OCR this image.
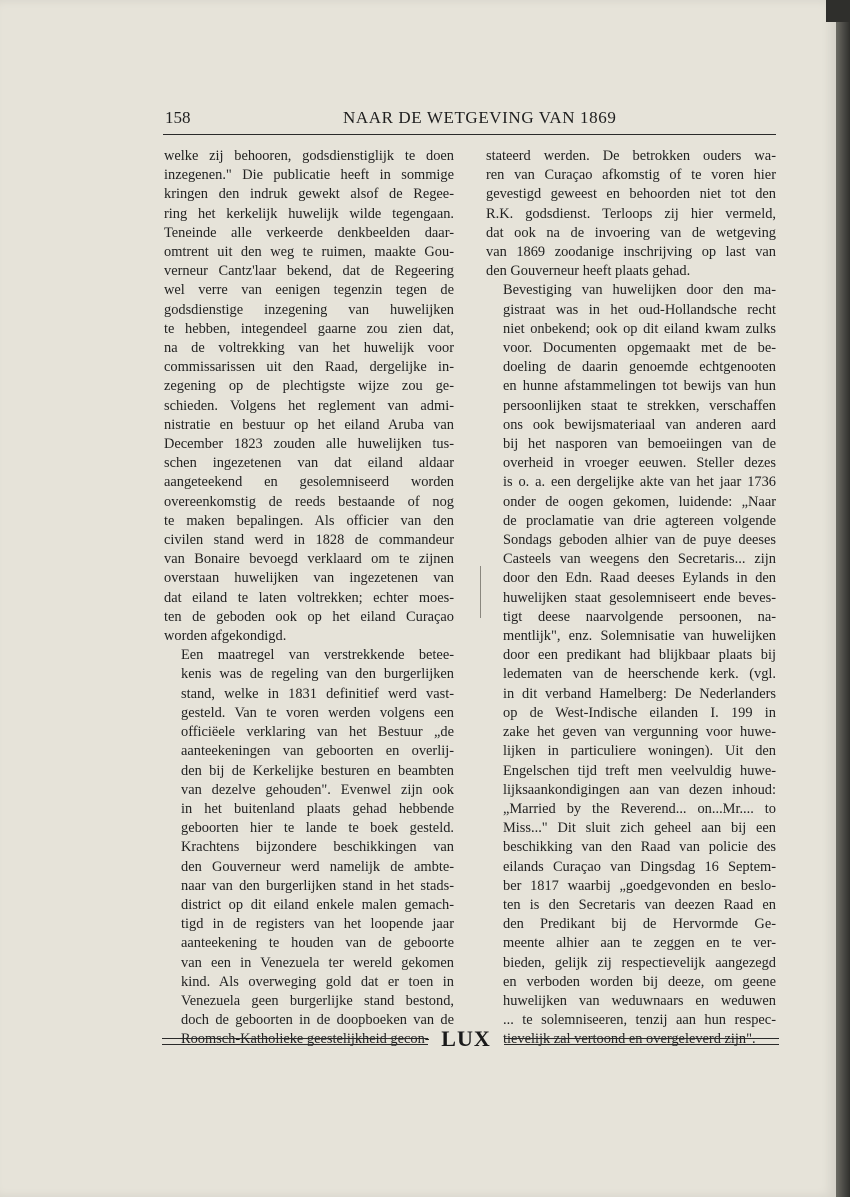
158	NAAR DE WETGEVING VAN 1869

welke zij behooren, godsdienstiglijk te doen
inzegenen." Die publicatie heeft in sommige
kringen den indruk gewekt alsof de Regee-
ring het kerkelijk huwelijk wilde tegengaan.
Teneinde alle verkeerde denkbeelden daar-
omtrent uit den weg te ruimen, maakte Gou-
verneur Cantz'laar bekend, dat de Regeering
wel verre van eenigen tegenzin tegen de
godsdienstige inzegening van huwelijken
te hebben, integendeel gaarne zou zien dat,
na de voltrekking van het huwelijk voor
commissarissen uit den Raad, dergelijke in-
zegening op de plechtigste wijze zou ge-
schieden. Volgens het reglement van admi-
nistratie en bestuur op het eiland Aruba van
December 1823 zouden alle huwelijken tus-
schen ingezetenen van dat eiland aldaar
aangeteekend en gesolemniseerd worden
overeenkomstig de reeds bestaande of nog
te maken bepalingen. Als officier van den
civilen stand werd in 1828 de commandeur
van Bonaire bevoegd verklaard om te zijnen
overstaan huwelijken van ingezetenen van
dat eiland te laten voltrekken; echter moes-
ten de geboden ook op het eiland Curaçao
worden afgekondigd.

Een maatregel van verstrekkende betee-
kenis was de regeling van den burgerlijken
stand, welke in 1831 definitief werd vast-
gesteld. Van te voren werden volgens een
officiëele verklaring van het Bestuur „de
aanteekeningen van geboorten en overlij-
den bij de Kerkelijke besturen en beambten
van dezelve gehouden". Evenwel zijn ook
in het buitenland plaats gehad hebbende
geboorten hier te lande te boek gesteld.
Krachtens bijzondere beschikkingen van
den Gouverneur werd namelijk de ambte-
naar van den burgerlijken stand in het stads-
district op dit eiland enkele malen gemach-
tigd in de registers van het loopende jaar
aanteekening te houden van de geboorte
van een in Venezuela ter wereld gekomen
kind. Als overweging gold dat er toen in
Venezuela geen burgerlijke stand bestond,
doch de geboorten in de doopboeken van de
Roomsch-Katholieke geestelijkheid gecon-

stateerd werden. De betrokken ouders wa-
ren van Curaçao afkomstig of te voren hier
gevestigd geweest en behoorden niet tot den
R.K. godsdienst. Terloops zij hier vermeld,
dat ook na de invoering van de wetgeving
van 1869 zoodanige inschrijving op last van
den Gouverneur heeft plaats gehad.

Bevestiging van huwelijken door den ma-
gistraat was in het oud-Hollandsche recht
niet onbekend; ook op dit eiland kwam zulks
voor. Documenten opgemaakt met de be-
doeling de daarin genoemde echtgenooten
en hunne afstammelingen tot bewijs van hun
persoonlijken staat te strekken, verschaffen
ons ook bewijsmateriaal van anderen aard
bij het nasporen van bemoeiingen van de
overheid in vroeger eeuwen. Steller dezes
is o. a. een dergelijke akte van het jaar 1736
onder de oogen gekomen, luidende: „Naar
de proclamatie van drie agtereen volgende
Sondags geboden alhier van de puye deeses
Casteels van weegens den Secretaris... zijn
door den Edn. Raad deeses Eylands in den
huwelijken staat gesolemniseert ende beves-
tigt deese naarvolgende persoonen, na-
mentlijk", enz. Solemnisatie van huwelijken
door een predikant had blijkbaar plaats bij
ledematen van de heerschende kerk. (vgl.
in dit verband Hamelberg: De Nederlanders
op de West-Indische eilanden I. 199 in
zake het geven van vergunning voor huwe-
lijken in particuliere woningen). Uit den
Engelschen tijd treft men veelvuldig huwe-
lijksaankondigingen aan van dezen inhoud:
„Married by the Reverend... on...Mr.... to
Miss..." Dit sluit zich geheel aan bij een
beschikking van den Raad van policie des
eilands Curaçao van Dingsdag 16 Septem-
ber 1817 waarbij „goedgevonden en beslo-
ten is den Secretaris van deezen Raad en
den Predikant bij de Hervormde Ge-
meente alhier aan te zeggen en te ver-
bieden, gelijk zij respectievelijk aangezegd
en verboden worden bij deeze, om geene
huwelijken van weduwnaars en weduwen
... te solemniseeren, tenzij aan hun respec-
tievelijk zal vertoond en overgeleverd zijn".

LUX
